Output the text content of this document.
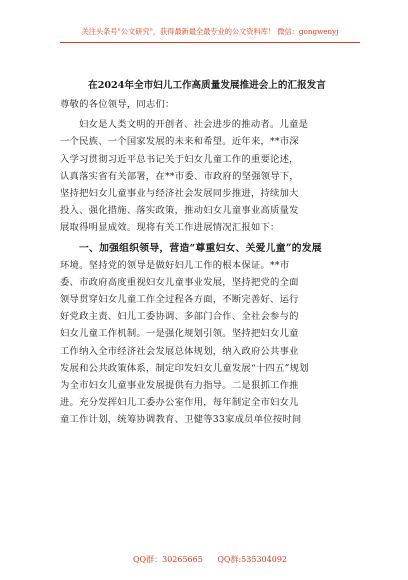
关注头条号"公文研究"，获得最新最全最专业的公文资料库！ 微信：gongwenyj
在2024年全市妇儿工作高质量发展推进会上的汇报发言
尊敬的各位领导，同志们：
妇女是人类文明的开创者、社会进步的推动者。儿童是
一个民族、一个国家发展的未来和希望。近年来，**市深
入学习贯彻习近平总书记关于妇女儿童工作的重要论述，
认真落实省有关部署，在**市委、市政府的坚强领导下，
坚持把妇女儿童事业与经济社会发展同步推进，持续加大
投入、强化措施、落实政策，推动妇女儿童事业高质量发
展取得明显成效。现将有关工作进展情况汇报如下：
一、加强组织领导，营造“尊重妇女、关爱儿童”的发展
环境。坚持党的领导是做好妇儿工作的根本保证。**市
委、市政府高度重视妇女儿童事业发展，坚持把党的全面
领导贯穿妇女儿童工作全过程各方面，不断完善好、运行
好党政主责、妇儿工委协调、多部门合作、全社会参与的
妇女儿童工作机制。一是强化规划引领。坚持把妇女儿童
工作纳入全市经济社会发展总体规划，纳入政府公共事业
发展和公共政策体系，制定印发妇女儿童发展“十四五”规划
为全市妇女儿童事业发展提供有力指导。二是狠抓工作推
进。充分发挥妇儿工委办公室作用，每年制定全市妇女儿
童工作计划，统筹协调教育、卫健等33家成员单位按时间
QQ群：30265665 QQ群:535304092
